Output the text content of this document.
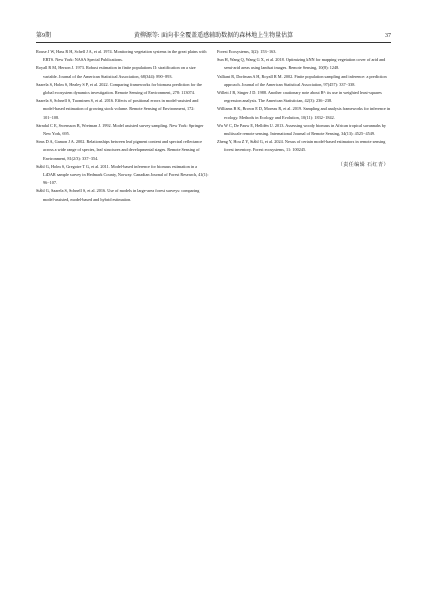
第9期	黄柳源等: 面向非全覆盖遥感辅助数据的森林地上生物量估算	37

Rouse J W, Hass R H, Schell J A, et al. 1974. Monitoring vegetation systems in the great plains with ERTS. New York: NASA Special Publications.

Royall R M, Herson J. 1973. Robust estimation in finite populations II: stratification on a size variable. Journal of the American Statistical Association, 68(344): 890−893.

Saarela S, Holm S, Healey S P, et al. 2022. Comparing frameworks for biomass prediction for the global ecosystem dynamics investigation. Remote Sensing of Environment, 278: 113074.

Saarela S, Schnell S, Tuominen S, et al. 2016. Effects of positional errors in model-assisted and model-based estimation of growing stock volume. Remote Sensing of Environment, 172: 101−108.

Särndal C E, Swensson B, Wretman J. 1992. Model assisted survey sampling. New York: Springer New York, 695.

Sims D A, Gamon J A. 2002. Relationships between leaf pigment content and spectral reflectance across a wide range of species, leaf structures and developmental stages. Remote Sensing of Environment, 81(2/3): 337−354.

Ståhl G, Holm S, Gregoire T G, et al. 2011. Model-based inference for biomass estimation in a LiDAR sample survey in Hedmark County, Norway. Canadian Journal of Forest Research, 41(1): 96−107.

Ståhl G, Saarela S, Schnell S, et al. 2016. Use of models in large-area forest surveys: comparing model-assisted, model-based and hybrid estimation.

Forest Ecosystems, 3(2): 153−163.

Sun H, Wang Q, Wang G X, et al. 2018. Optimizing kNN for mapping vegetation cover of arid and semi-arid areas using landsat images. Remote Sensing, 10(8): 1248.

Valliant R, Dorfman A H, Royall R M. 2002. Finite population sampling and inference: a prediction approach. Journal of the American Statistical Association, 97(457): 337−338.

Willett J B, Singer J D. 1988. Another cautionary note about R²: its use in weighted least-squares regression analysis. The American Statistician, 42(3): 236−238.

Williams B K, Brown E D, Moreau R, et al. 2019. Sampling and analysis frameworks for inference in ecology. Methods in Ecology and Evolution, 10(11): 1832−1842.

Wu W C, De Pauw E, Helldén U. 2013. Assessing woody biomass in African tropical savannahs by multiscale remote sensing. International Journal of Remote Sensing, 34(13): 4525−4549.

Zheng Y, Hou Z Y, Ståhl G, et al. 2024. Nexus of certain model-based estimators in remote sensing forest inventory. Forest ecosystems, 11: 100245.

（责任编辑 石红青）
